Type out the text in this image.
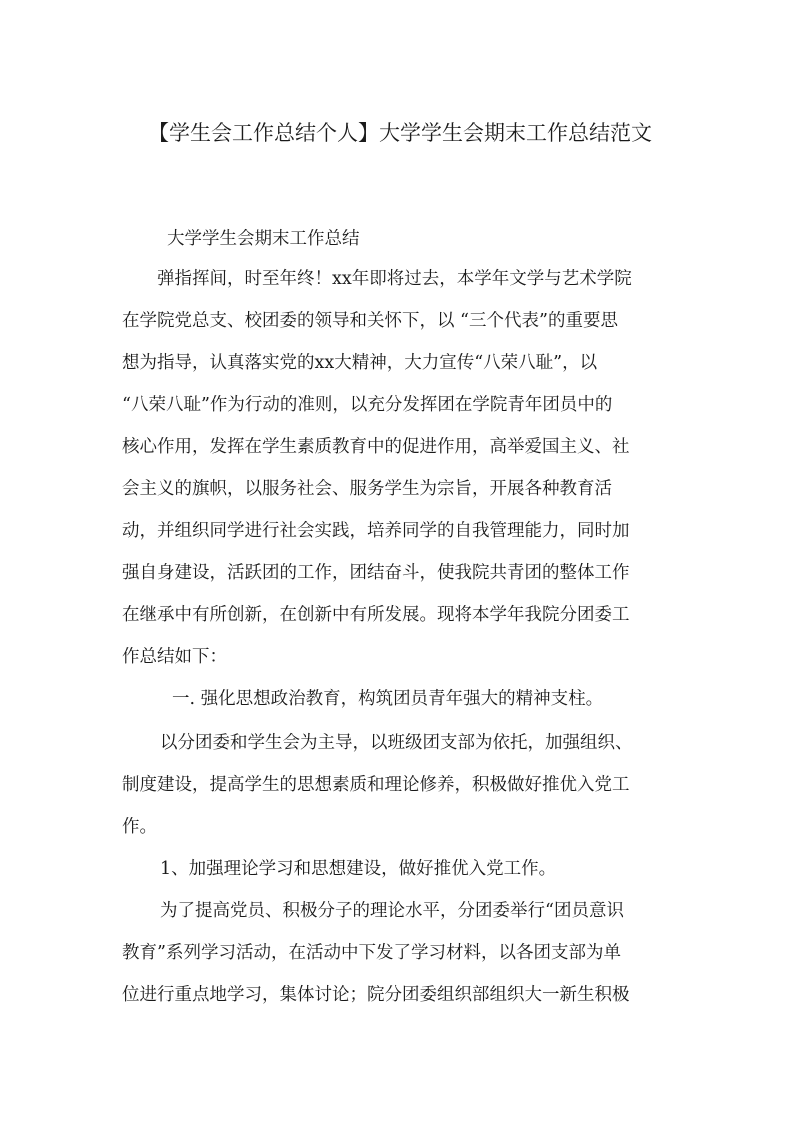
【学生会工作总结个人】大学学生会期末工作总结范文
大学学生会期末工作总结
弹指挥间，时至年终！xx年即将过去，本学年文学与艺术学院
在学院党总支、校团委的领导和关怀下，以 “三个代表”的重要思
想为指导，认真落实党的xx大精神，大力宣传“八荣八耻”，以
“八荣八耻”作为行动的准则，以充分发挥团在学院青年团员中的
核心作用，发挥在学生素质教育中的促进作用，高举爱国主义、社
会主义的旗帜，以服务社会、服务学生为宗旨，开展各种教育活
动，并组织同学进行社会实践，培养同学的自我管理能力，同时加
强自身建设，活跃团的工作，团结奋斗，使我院共青团的整体工作
在继承中有所创新，在创新中有所发展。现将本学年我院分团委工
作总结如下：
一. 强化思想政治教育，构筑团员青年强大的精神支柱。
以分团委和学生会为主导，以班级团支部为依托，加强组织、
制度建设，提高学生的思想素质和理论修养，积极做好推优入党工
作。
1、加强理论学习和思想建设，做好推优入党工作。
为了提高党员、积极分子的理论水平，分团委举行“团员意识
教育”系列学习活动，在活动中下发了学习材料，以各团支部为单
位进行重点地学习，集体讨论；院分团委组织部组织大一新生积极
